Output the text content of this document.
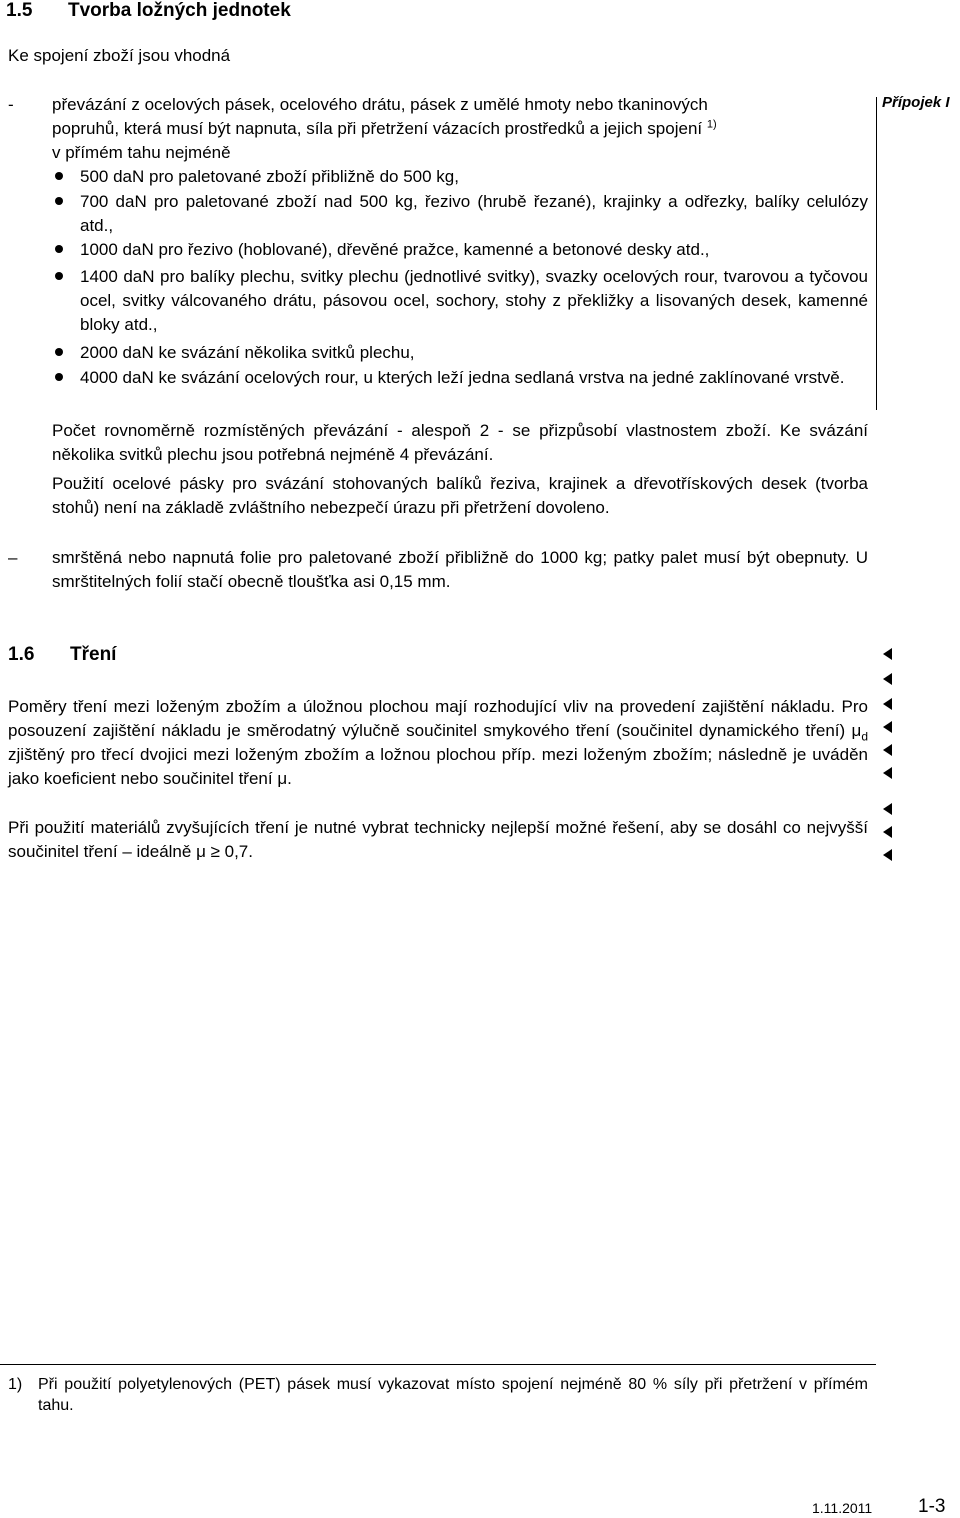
1.5 Tvorba ložných jednotek
Ke spojení zboží jsou vhodná
- převázání z ocelových pásek, ocelového drátu, pásek z umělé hmoty nebo tkaninových
popruhů, která musí být napnuta, síla při přetržení vázacích prostředků a jejich spojení $^{1)}$
v přímém tahu nejméně
Přípojek I
500 daN pro paletované zboží přibližně do 500 kg,
700 daN pro paletované zboží nad 500 kg, řezivo (hrubě řezané), krajinky a odřezky, balíky celulózy atd.,
1000 daN pro řezivo (hoblované), dřevěné pražce, kamenné a betonové desky atd.,
1400 daN pro balíky plechu, svitky plechu (jednotlivé svitky), svazky ocelových rour, tvarovou a tyčovou ocel, svitky válcovaného drátu, pásovou ocel, sochory, stohy z překližky a lisovaných desek, kamenné bloky atd.,
2000 daN ke svázání několika svitků plechu,
4000 daN ke svázání ocelových rour, u kterých leží jedna sedlaná vrstva na jedné zaklínované vrstvě.
Počet rovnoměrně rozmístěných převázání - alespoň 2 - se přizpůsobí vlastnostem zboží. Ke svázání několika svitků plechu jsou potřebná nejméně 4 převázání.
Použití ocelové pásky pro svázání stohovaných balíků řeziva, krajinek a dřevotřískových desek (tvorba stohů) není na základě zvláštního nebezpečí úrazu při přetržení dovoleno.
– smrštěná nebo napnutá folie pro paletované zboží přibližně do 1000 kg; patky palet musí být obepnuty. U smrštitelných folií stačí obecně tloušťka asi 0,15 mm.
1.6 Tření
Poměry tření mezi loženým zbožím a úložnou plochou mají rozhodující vliv na provedení zajištění nákladu. Pro posouzení zajištění nákladu je směrodatný výlučně součinitel smykového tření (součinitel dynamického tření) $\mu_d$ zjištěný pro třecí dvojici mezi loženým zbožím a ložnou plochou příp. mezi loženým zbožím; následně je uváděn jako koeficient nebo součinitel tření μ.
Při použití materiálů zvyšujících tření je nutné vybrat technicky nejlepší možné řešení, aby se dosáhl co nejvyšší součinitel tření – ideálně μ ≥ 0,7.
1) Při použití polyetylenových (PET) pásek musí vykazovat místo spojení nejméně 80 % síly při přetržení v přímém tahu.
1.11.2011 1-3
